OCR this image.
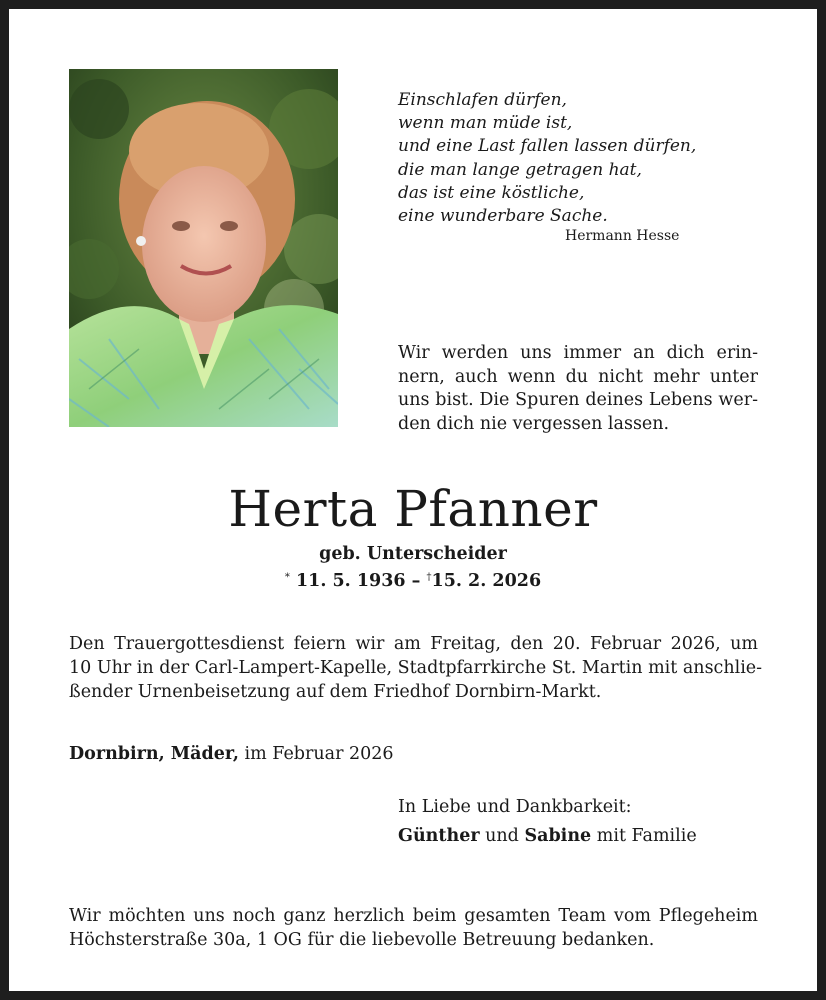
Einschlafen dürfen,
wenn man müde ist,
und eine Last fallen lassen dürfen,
die man lange getragen hat,
das ist eine köstliche,
eine wunderbare Sache.
Hermann Hesse
Wir werden uns immer an dich erin-
nern, auch wenn du nicht mehr unter
uns bist. Die Spuren deines Lebens wer-
den dich nie vergessen lassen.
Herta Pfanner
geb. Unterscheider
* 11. 5. 1936 – †15. 2. 2026
Den Trauergottesdienst feiern wir am Freitag, den 20. Februar 2026, um
10 Uhr in der Carl-Lampert-Kapelle, Stadtpfarrkirche St. Martin mit anschlie-
ßender Urnenbeisetzung auf dem Friedhof Dornbirn-Markt.
Dornbirn, Mäder, im Februar 2026
In Liebe und Dankbarkeit:
Günther und Sabine mit Familie
Wir möchten uns noch ganz herzlich beim gesamten Team vom Pflegeheim
Höchsterstraße 30a, 1 OG für die liebevolle Betreuung bedanken.
